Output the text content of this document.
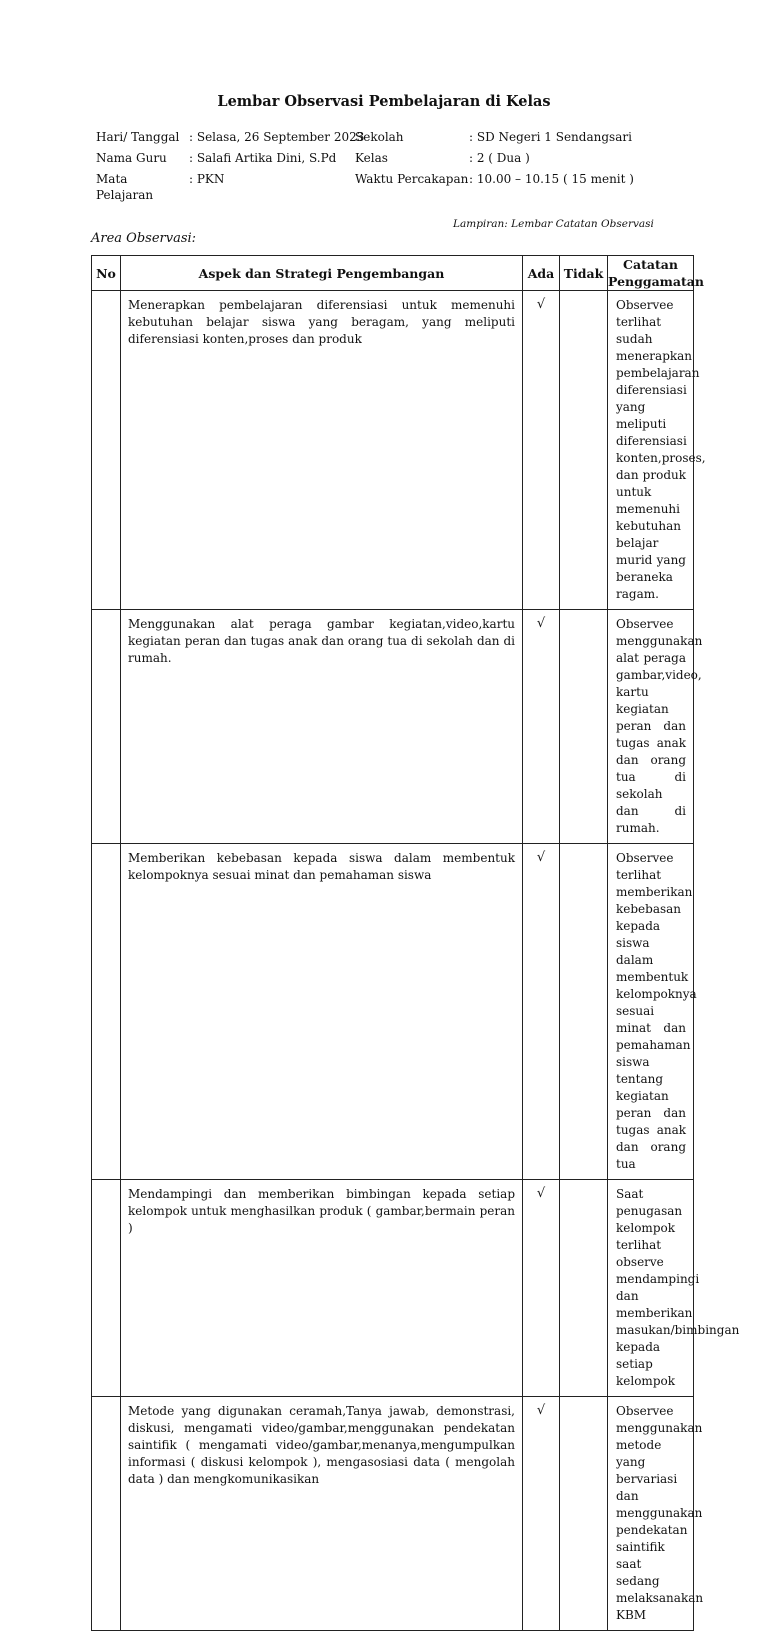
Lembar Observasi Pembelajaran di Kelas
Hari/ Tanggal : Selasa, 26 September 2023
Nama Guru : Salafi Artika Dini, S.Pd
Mata Pelajaran
: PKN
Sekolah	: SD Negeri 1 Sendangsari
Kelas	: 2 ( Dua )
Waktu Percakapan : 10.00 – 10.15 ( 15 menit )
Lampiran: Lembar Catatan Observasi
Area Observasi:
No	Aspek dan Strategi Pengembangan	Ada	Tidak	Catatan Penggamatan
	Menerapkan pembelajaran diferensiasi untuk memenuhi kebutuhan belajar siswa yang beragam, yang meliputi diferensiasi konten,proses dan produk	√		Observee terlihat sudah menerapkan pembelajaran diferensiasi yang meliputi diferensiasi konten,proses, dan produk untuk memenuhi kebutuhan belajar murid yang beraneka ragam.
	Menggunakan alat peraga gambar kegiatan,video,kartu kegiatan peran dan tugas anak dan orang tua di sekolah dan di rumah.	√		Observee menggunakan alat peraga gambar,video, kartu kegiatan peran dan tugas anak dan orang tua di sekolah dan di rumah.
	Memberikan kebebasan kepada siswa dalam membentuk kelompoknya sesuai minat dan pemahaman siswa	√		Observee terlihat memberikan kebebasan kepada siswa dalam membentuk kelompoknya sesuai minat dan pemahaman siswa tentang kegiatan peran dan tugas anak dan orang tua
	Mendampingi dan memberikan bimbingan kepada setiap kelompok untuk menghasilkan produk ( gambar,bermain peran )	√		Saat penugasan kelompok terlihat observe mendampingi dan memberikan masukan/bimbingan kepada setiap kelompok
	Metode yang digunakan ceramah,Tanya jawab, demonstrasi, diskusi, mengamati video/gambar,menggunakan pendekatan saintifik ( mengamati video/gambar,menanya,mengumpulkan informasi ( diskusi kelompok ), mengasosiasi data ( mengolah data ) dan mengkomunikasikan	√		Observee menggunakan metode yang bervariasi dan menggunakan pendekatan saintifik saat sedang melaksanakan KBM
